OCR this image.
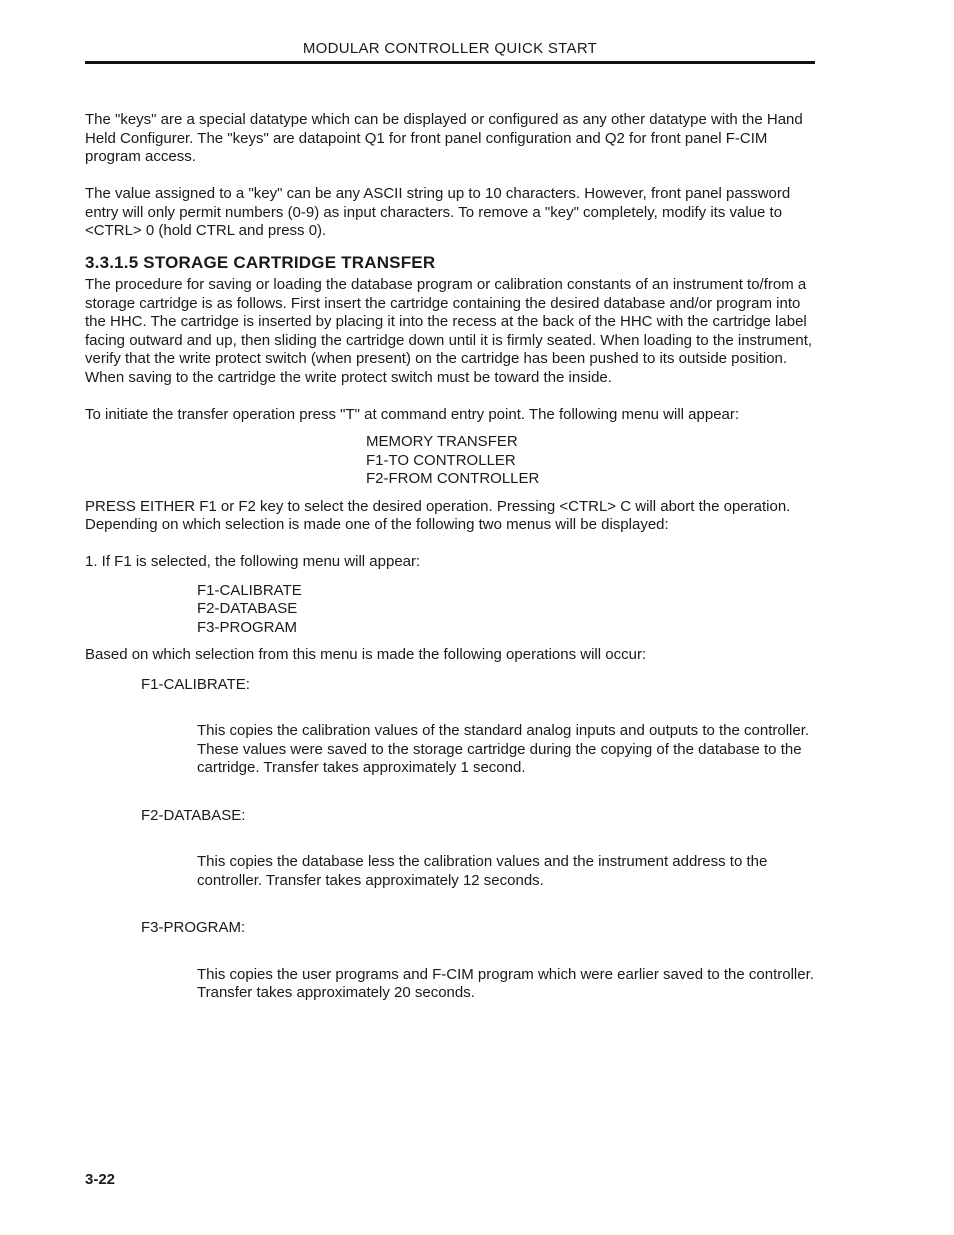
MODULAR CONTROLLER QUICK START

The "keys" are a special datatype which can be displayed or configured as any other datatype with the Hand Held Configurer. The "keys" are datapoint Q1 for front panel configuration and Q2 for front panel F-CIM program access.

The value assigned to a "key" can be any ASCII string up to 10 characters. However, front panel password entry will only permit numbers (0-9) as input characters. To remove a "key" completely, modify its value to <CTRL> 0 (hold CTRL and press 0).

3.3.1.5 STORAGE CARTRIDGE TRANSFER

The procedure for saving or loading the database program or calibration constants of an instrument to/from a storage cartridge is as follows. First insert the cartridge containing the desired database and/or program into the HHC. The cartridge is inserted by placing it into the recess at the back of the HHC with the cartridge label facing outward and up, then sliding the cartridge down until it is firmly seated. When loading to the instrument, verify that the write protect switch (when present) on the cartridge has been pushed to its outside position. When saving to the cartridge the write protect switch must be toward the inside.

To initiate the transfer operation press "T" at command entry point. The following menu will appear:

MEMORY TRANSFER
F1-TO CONTROLLER
F2-FROM CONTROLLER

PRESS EITHER F1 or F2 key to select the desired operation. Pressing <CTRL> C will abort the operation. Depending on which selection is made one of the following two menus will be displayed:

1. If F1 is selected, the following menu will appear:

F1-CALIBRATE
F2-DATABASE
F3-PROGRAM

Based on which selection from this menu is made the following operations will occur:

F1-CALIBRATE:

This copies the calibration values of the standard analog inputs and outputs to the controller. These values were saved to the storage cartridge during the copying of the database to the cartridge. Transfer takes approximately 1 second.

F2-DATABASE:

This copies the database less the calibration values and the instrument address to the controller. Transfer takes approximately 12 seconds.

F3-PROGRAM:

This copies the user programs and F-CIM program which were earlier saved to the controller. Transfer takes approximately 20 seconds.

3-22
